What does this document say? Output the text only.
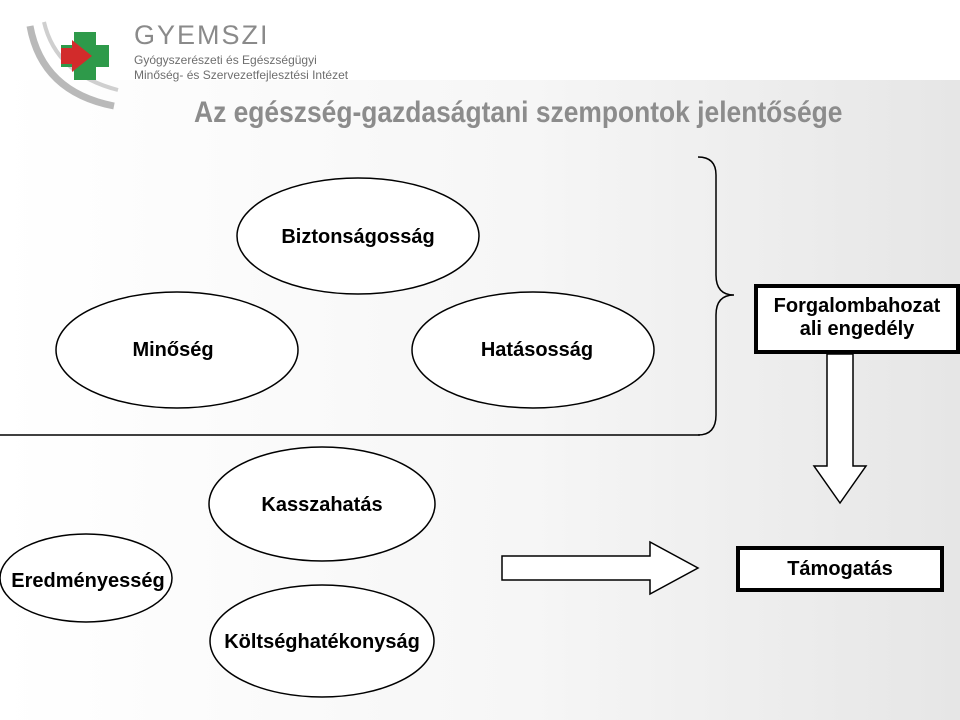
GYEMSZI
Gyógyszerészeti és Egészségügyi
Minőség- és Szervezetfejlesztési Intézet
Az egészség-gazdaságtani szempontok jelentősége
Biztonságosság
Minőség	Hatásosság
Forgalombahozat
ali engedély
Kasszahatás
Eredményesség
Költséghatékonyság
Támogatás
